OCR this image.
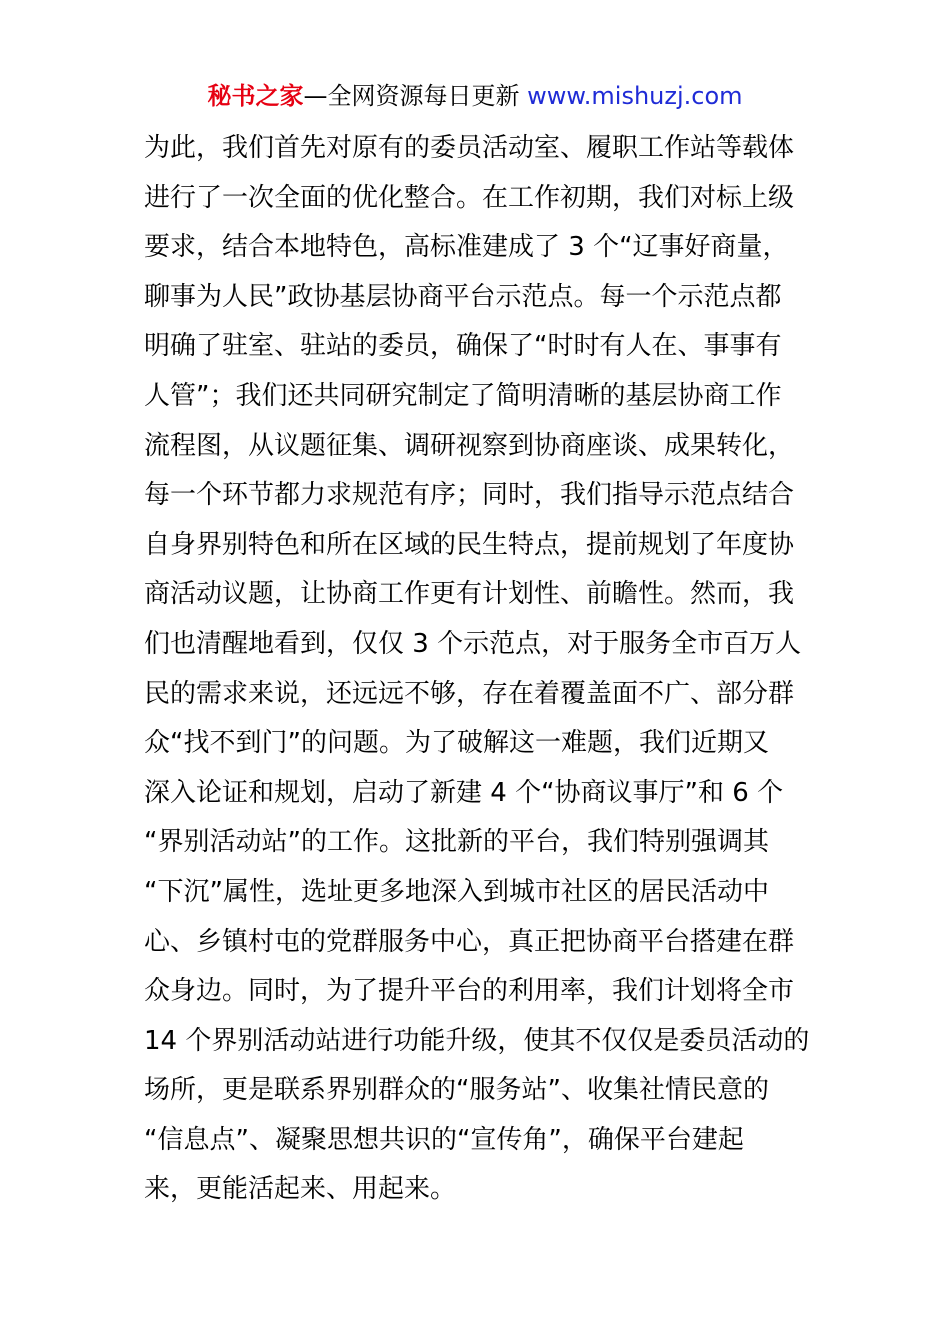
秘书之家—全网资源每日更新 www.mishuzj.com
为此，我们首先对原有的委员活动室、履职工作站等载体
进行了一次全面的优化整合。在工作初期，我们对标上级
要求，结合本地特色，高标准建成了 3 个“辽事好商量，
聊事为人民”政协基层协商平台示范点。每一个示范点都
明确了驻室、驻站的委员，确保了“时时有人在、事事有
人管”；我们还共同研究制定了简明清晰的基层协商工作
流程图，从议题征集、调研视察到协商座谈、成果转化，
每一个环节都力求规范有序；同时，我们指导示范点结合
自身界别特色和所在区域的民生特点，提前规划了年度协
商活动议题，让协商工作更有计划性、前瞻性。然而，我
们也清醒地看到，仅仅 3 个示范点，对于服务全市百万人
民的需求来说，还远远不够，存在着覆盖面不广、部分群
众“找不到门”的问题。为了破解这一难题，我们近期又
深入论证和规划，启动了新建 4 个“协商议事厅”和 6 个
“界别活动站”的工作。这批新的平台，我们特别强调其
“下沉”属性，选址更多地深入到城市社区的居民活动中
心、乡镇村屯的党群服务中心，真正把协商平台搭建在群
众身边。同时，为了提升平台的利用率，我们计划将全市
14 个界别活动站进行功能升级，使其不仅仅是委员活动的
场所，更是联系界别群众的“服务站”、收集社情民意的
“信息点”、凝聚思想共识的“宣传角”，确保平台建起
来，更能活起来、用起来。
